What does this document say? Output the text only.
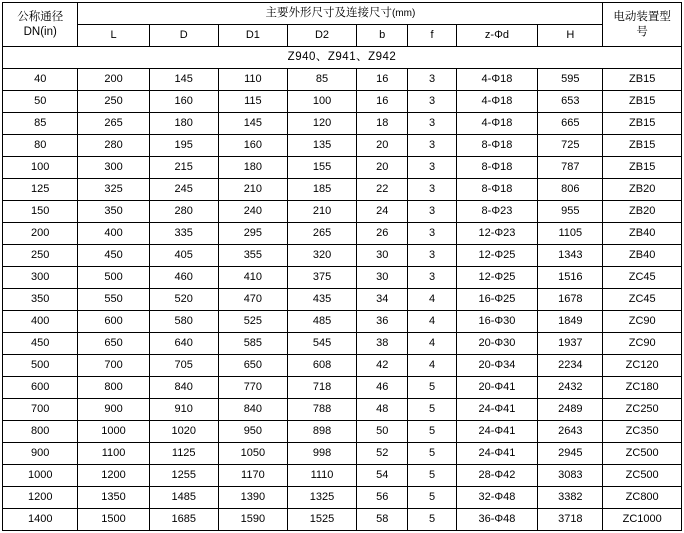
公称通径
DN(in)	主要外形尺寸及连接尺寸(mm)								电动装置型
号

	L	D	D1	D2	b	f	z-Φd	H	
Z940、Z941、Z942									
40	200	145	110	85	16	3	4-Φ18	595	ZB15
50	250	160	115	100	16	3	4-Φ18	653	ZB15
85	265	180	145	120	18	3	4-Φ18	665	ZB15
80	280	195	160	135	20	3	8-Φ18	725	ZB15
100	300	215	180	155	20	3	8-Φ18	787	ZB15
125	325	245	210	185	22	3	8-Φ18	806	ZB20
150	350	280	240	210	24	3	8-Φ23	955	ZB20
200	400	335	295	265	26	3	12-Φ23	1105	ZB40
250	450	405	355	320	30	3	12-Φ25	1343	ZB40
300	500	460	410	375	30	3	12-Φ25	1516	ZC45
350	550	520	470	435	34	4	16-Φ25	1678	ZC45
400	600	580	525	485	36	4	16-Φ30	1849	ZC90
450	650	640	585	545	38	4	20-Φ30	1937	ZC90
500	700	705	650	608	42	4	20-Φ34	2234	ZC120
600	800	840	770	718	46	5	20-Φ41	2432	ZC180
700	900	910	840	788	48	5	24-Φ41	2489	ZC250
800	1000	1020	950	898	50	5	24-Φ41	2643	ZC350
900	1100	1125	1050	998	52	5	24-Φ41	2945	ZC500
1000	1200	1255	1170	1110	54	5	28-Φ42	3083	ZC500
1200	1350	1485	1390	1325	56	5	32-Φ48	3382	ZC800
1400	1500	1685	1590	1525	58	5	36-Φ48	3718	ZC1000
